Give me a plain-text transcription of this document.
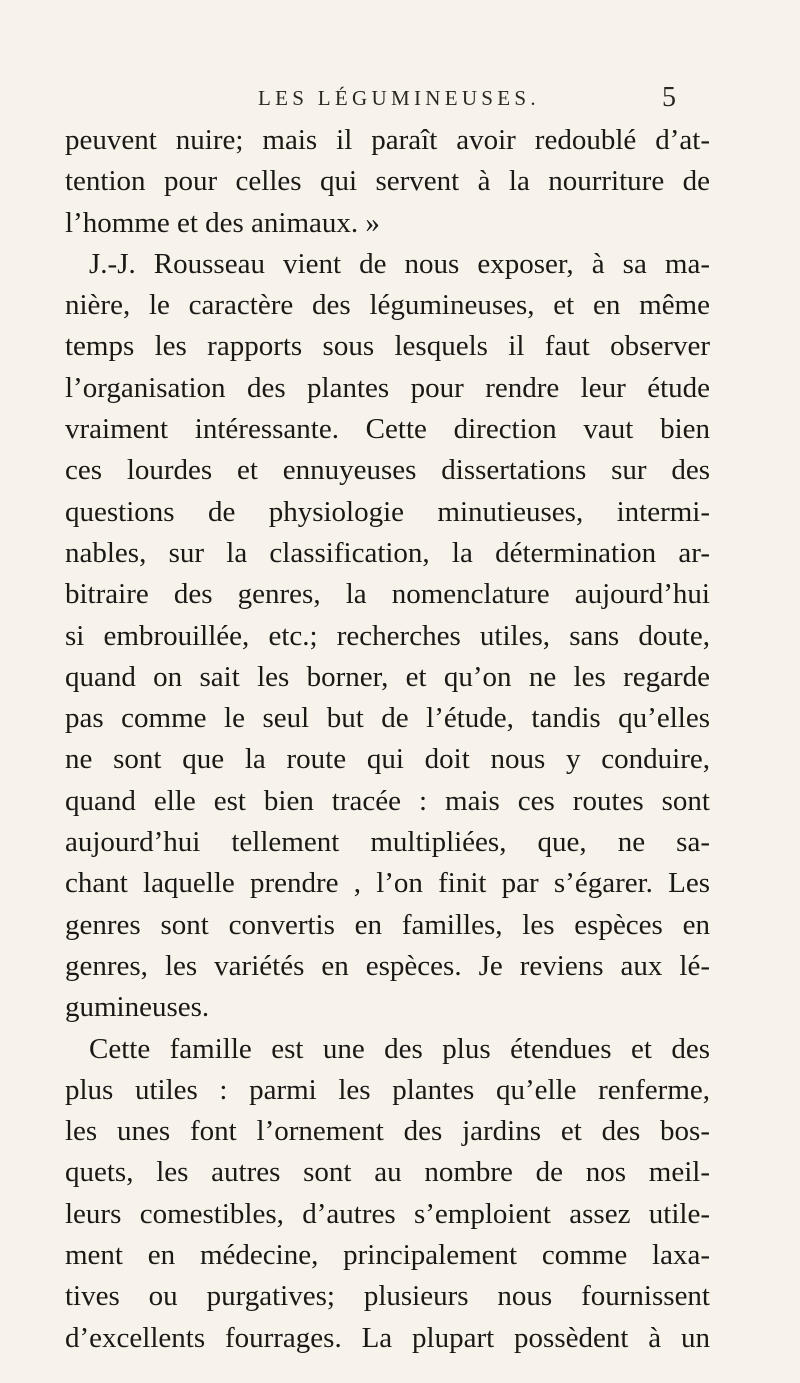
LES LÉGUMINEUSES.	5
peuvent nuire; mais il paraît avoir redoublé d’at-
tention pour celles qui servent à la nourriture de
l’homme et des animaux. »
J.-J. Rousseau vient de nous exposer, à sa ma-
nière, le caractère des légumineuses, et en même
temps les rapports sous lesquels il faut observer
l’organisation des plantes pour rendre leur étude
vraiment intéressante. Cette direction vaut bien
ces lourdes et ennuyeuses dissertations sur des
questions de physiologie minutieuses, intermi-
nables, sur la classification, la détermination ar-
bitraire des genres, la nomenclature aujourd’hui
si embrouillée, etc.; recherches utiles, sans doute,
quand on sait les borner, et qu’on ne les regarde
pas comme le seul but de l’étude, tandis qu’elles
ne sont que la route qui doit nous y conduire,
quand elle est bien tracée : mais ces routes sont
aujourd’hui tellement multipliées, que, ne sa-
chant laquelle prendre , l’on finit par s’égarer. Les
genres sont convertis en familles, les espèces en
genres, les variétés en espèces. Je reviens aux lé-
gumineuses.
Cette famille est une des plus étendues et des
plus utiles : parmi les plantes qu’elle renferme,
les unes font l’ornement des jardins et des bos-
quets, les autres sont au nombre de nos meil-
leurs comestibles, d’autres s’emploient assez utile-
ment en médecine, principalement comme laxa-
tives ou purgatives; plusieurs nous fournissent
d’excellents fourrages. La plupart possèdent à un
